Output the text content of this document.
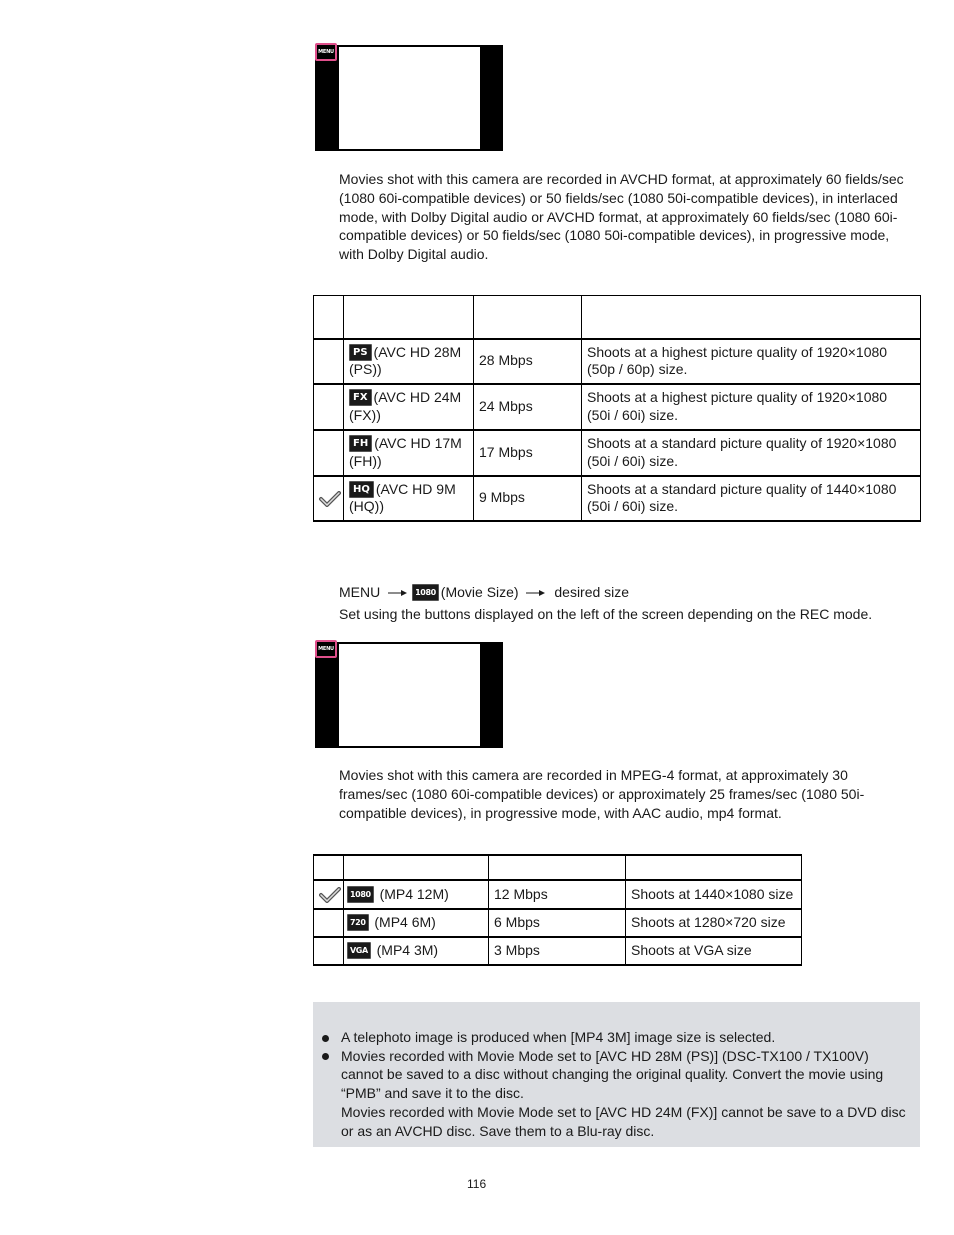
MENU
Movies shot with this camera are recorded in AVCHD format, at approximately 60 fields/sec
(1080 60i-compatible devices) or 50 fields/sec (1080 50i-compatible devices), in interlaced
mode, with Dolby Digital audio or AVCHD format, at approximately 60 fields/sec (1080 60i-
compatible devices) or 50 fields/sec (1080 50i-compatible devices), in progressive mode,
with Dolby Digital audio.

	PS (AVC HD 28M
(PS))	28 Mbps	Shoots at a highest picture quality of 1920×1080
(50p / 60p) size.
	FX (AVC HD 24M
(FX))	24 Mbps	Shoots at a highest picture quality of 1920×1080
(50i / 60i) size.
	FH (AVC HD 17M
(FH))	17 Mbps	Shoots at a standard picture quality of 1920×1080
(50i / 60i) size.
	HQ (AVC HD 9M
(HQ))	9 Mbps	Shoots at a standard picture quality of 1440×1080
(50i / 60i) size.
MENU	1080 (Movie Size)	desired size
Set using the buttons displayed on the left of the screen depending on the REC mode.
MENU
Movies shot with this camera are recorded in MPEG-4 format, at approximately 30
frames/sec (1080 60i-compatible devices) or approximately 25 frames/sec (1080 50i-
compatible devices), in progressive mode, with AAC audio, mp4 format.

	1080 (MP4 12M)	12 Mbps	Shoots at 1440×1080 size
	720 (MP4 6M)	6 Mbps	Shoots at 1280×720 size
	VGA (MP4 3M)	3 Mbps	Shoots at VGA size
A telephoto image is produced when [MP4 3M] image size is selected.
Movies recorded with Movie Mode set to [AVC HD 28M (PS)] (DSC-TX100 / TX100V)
cannot be saved to a disc without changing the original quality. Convert the movie using
“PMB” and save it to the disc.
Movies recorded with Movie Mode set to [AVC HD 24M (FX)] cannot be save to a DVD disc
or as an AVCHD disc. Save them to a Blu-ray disc.
116
